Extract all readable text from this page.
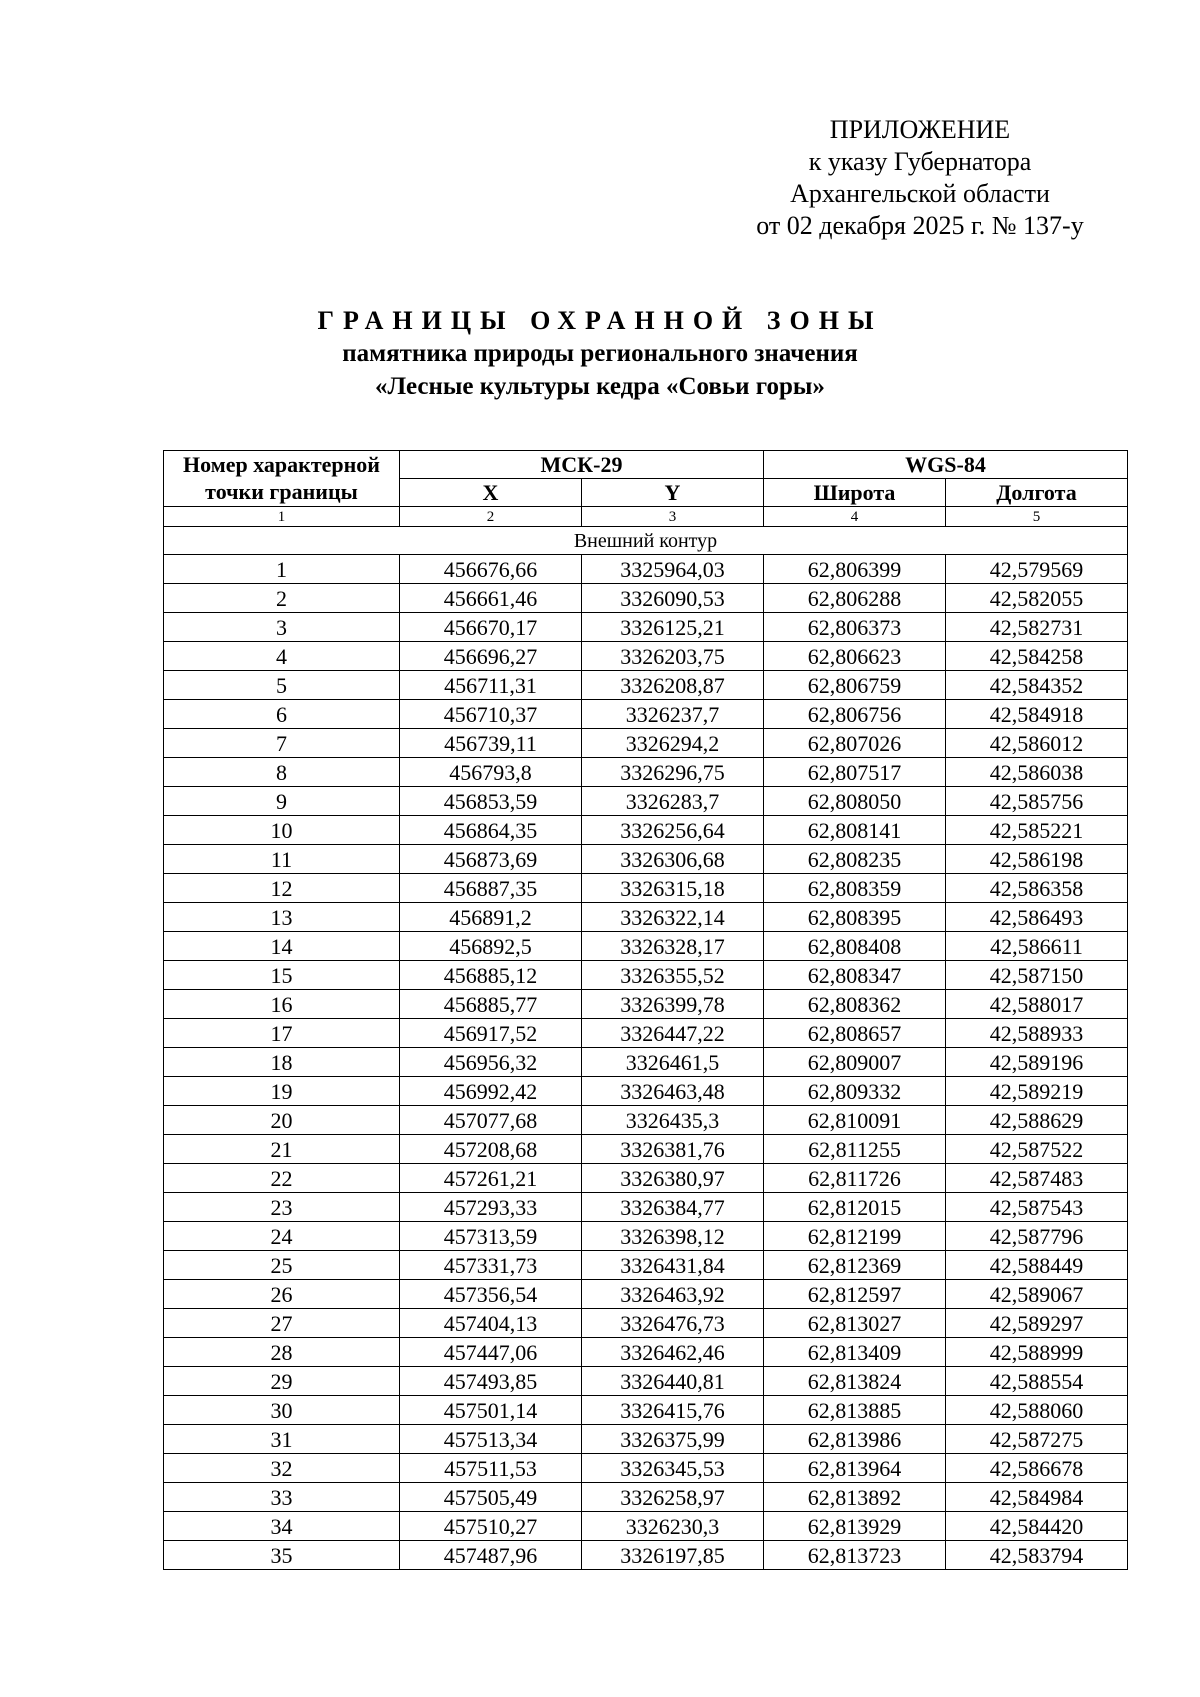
ПРИЛОЖЕНИЕ
к указу Губернатора
Архангельской области
от 02 декабря 2025 г. № 137-у
ГРАНИЦЫ ОХРАННОЙ ЗОНЫ
памятника природы регионального значения
«Лесные культуры кедра «Совьи горы»
Номер характерной	МСК-29		WGS-84	
точки границы	X	Y	Широта	Долгота
1	2	3	4	5
Внешний контур				
1	456676,66	3325964,03	62,806399	42,579569
2	456661,46	3326090,53	62,806288	42,582055
3	456670,17	3326125,21	62,806373	42,582731
4	456696,27	3326203,75	62,806623	42,584258
5	456711,31	3326208,87	62,806759	42,584352
6	456710,37	3326237,7	62,806756	42,584918
7	456739,11	3326294,2	62,807026	42,586012
8	456793,8	3326296,75	62,807517	42,586038
9	456853,59	3326283,7	62,808050	42,585756
10	456864,35	3326256,64	62,808141	42,585221
11	456873,69	3326306,68	62,808235	42,586198
12	456887,35	3326315,18	62,808359	42,586358
13	456891,2	3326322,14	62,808395	42,586493
14	456892,5	3326328,17	62,808408	42,586611
15	456885,12	3326355,52	62,808347	42,587150
16	456885,77	3326399,78	62,808362	42,588017
17	456917,52	3326447,22	62,808657	42,588933
18	456956,32	3326461,5	62,809007	42,589196
19	456992,42	3326463,48	62,809332	42,589219
20	457077,68	3326435,3	62,810091	42,588629
21	457208,68	3326381,76	62,811255	42,587522
22	457261,21	3326380,97	62,811726	42,587483
23	457293,33	3326384,77	62,812015	42,587543
24	457313,59	3326398,12	62,812199	42,587796
25	457331,73	3326431,84	62,812369	42,588449
26	457356,54	3326463,92	62,812597	42,589067
27	457404,13	3326476,73	62,813027	42,589297
28	457447,06	3326462,46	62,813409	42,588999
29	457493,85	3326440,81	62,813824	42,588554
30	457501,14	3326415,76	62,813885	42,588060
31	457513,34	3326375,99	62,813986	42,587275
32	457511,53	3326345,53	62,813964	42,586678
33	457505,49	3326258,97	62,813892	42,584984
34	457510,27	3326230,3	62,813929	42,584420
35	457487,96	3326197,85	62,813723	42,583794
